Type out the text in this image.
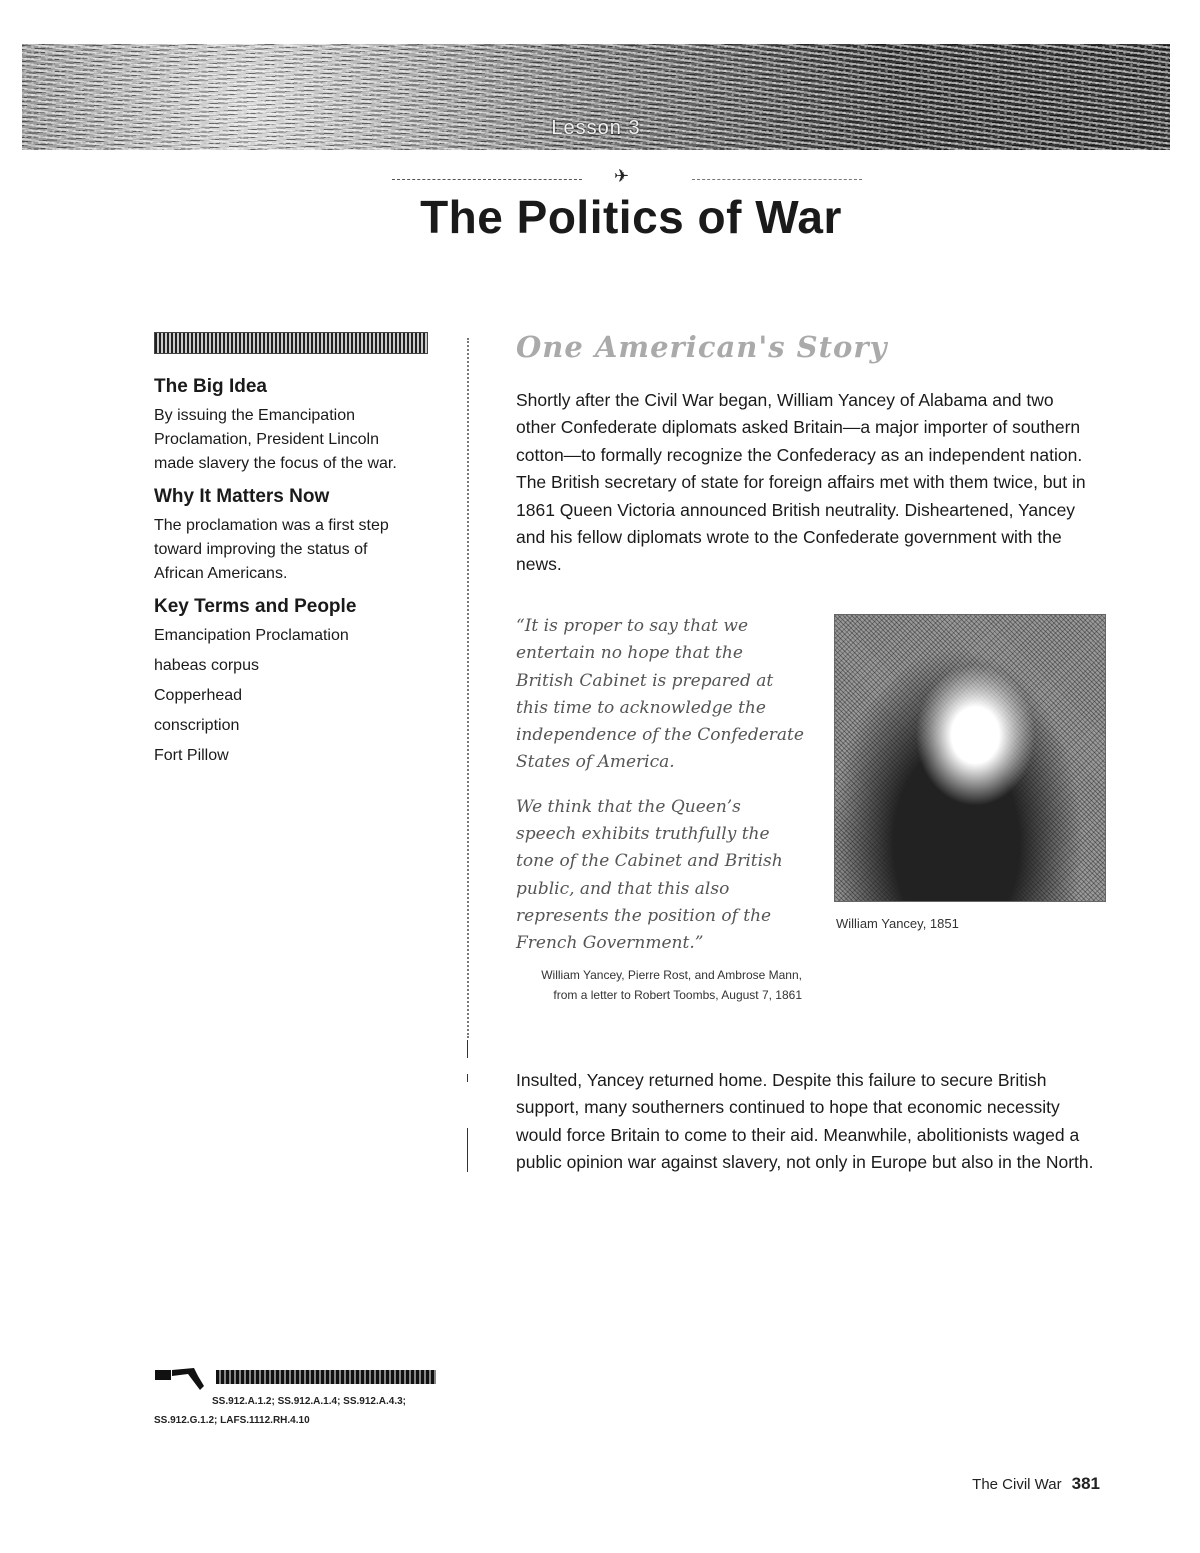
Lesson 3
✈
The Politics of War
The Big Idea

By issuing the Emancipation Proclamation, President Lincoln made slavery the focus of the war.

Why It Matters Now

The proclamation was a first step toward improving the status of African Americans.

Key Terms and People

Emancipation Proclamation

habeas corpus

Copperhead

conscription

Fort Pillow

One American's Story

Shortly after the Civil War began, William Yancey of Alabama and two other Confederate diplomats asked Britain—a major importer of southern cotton—to formally recognize the Confederacy as an independent nation. The British secretary of state for foreign affairs met with them twice, but in 1861 Queen Victoria announced British neutrality. Disheartened, Yancey and his fellow diplomats wrote to the Confederate government with the news.

“It is proper to say that we entertain no hope that the British Cabinet is prepared at this time to acknowledge the independence of the Confederate States of America.

We think that the Queen’s speech exhibits truthfully the tone of the Cabinet and British public, and that this also represents the position of the French Government.”

William Yancey, Pierre Rost, and Ambrose Mann, from a letter to Robert Toombs, August 7, 1861

William Yancey, 1851

Insulted, Yancey returned home. Despite this failure to secure British support, many southerners continued to hope that economic necessity would force Britain to come to their aid. Meanwhile, abolitionists waged a public opinion war against slavery, not only in Europe but also in the North.

SS.912.A.1.2; SS.912.A.1.4; SS.912.A.4.3;
SS.912.G.1.2; LAFS.1112.RH.4.10
The Civil War 381
